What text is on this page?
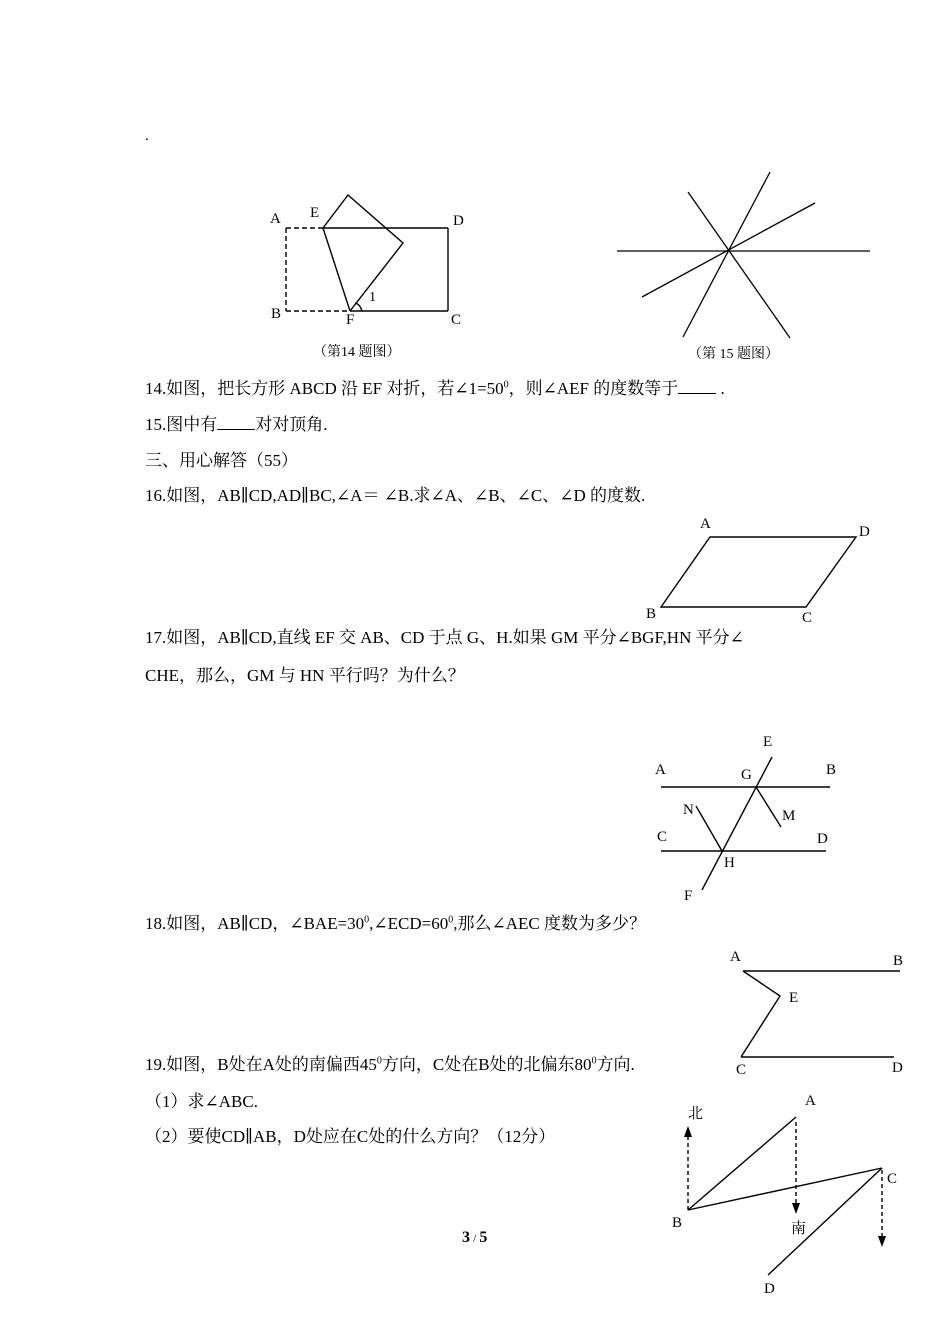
.
A E	D
B	F	C
1
（第14 题图）	（第 15 题图）
14.如图，把长方形 ABCD 沿 EF 对折，若$\angle 1=50^0$，则∠AEF 的度数等于 .
15.图中有 对对顶角.
三、用心解答（55）
16.如图，AB∥CD,AD∥BC,∠A＝ ∠B.求∠A、∠B、∠C、∠D 的度数.
A	D
B	C
17.如图，AB∥CD,直线 EF 交 AB、CD 于点 G、H.如果 GM 平分∠BGF,HN 平分∠
CHE，那么，GM 与 HN 平行吗？为什么？
E
A	G	B
N	M
C	D
H
F
18.如图，AB∥CD，$\angle BAE=30^0,\angle ECD=60^0$,那么∠AEC 度数为多少？
A	B
E
C	D
19.如图，B处在A处的南偏西$45^0$方向，C处在B处的北偏东$80^0$方向.
（1）求∠ABC.
（2）要使CD∥AB，D处应在C处的什么方向？（12分）
北
A
C
B	南
D
3 / 5
